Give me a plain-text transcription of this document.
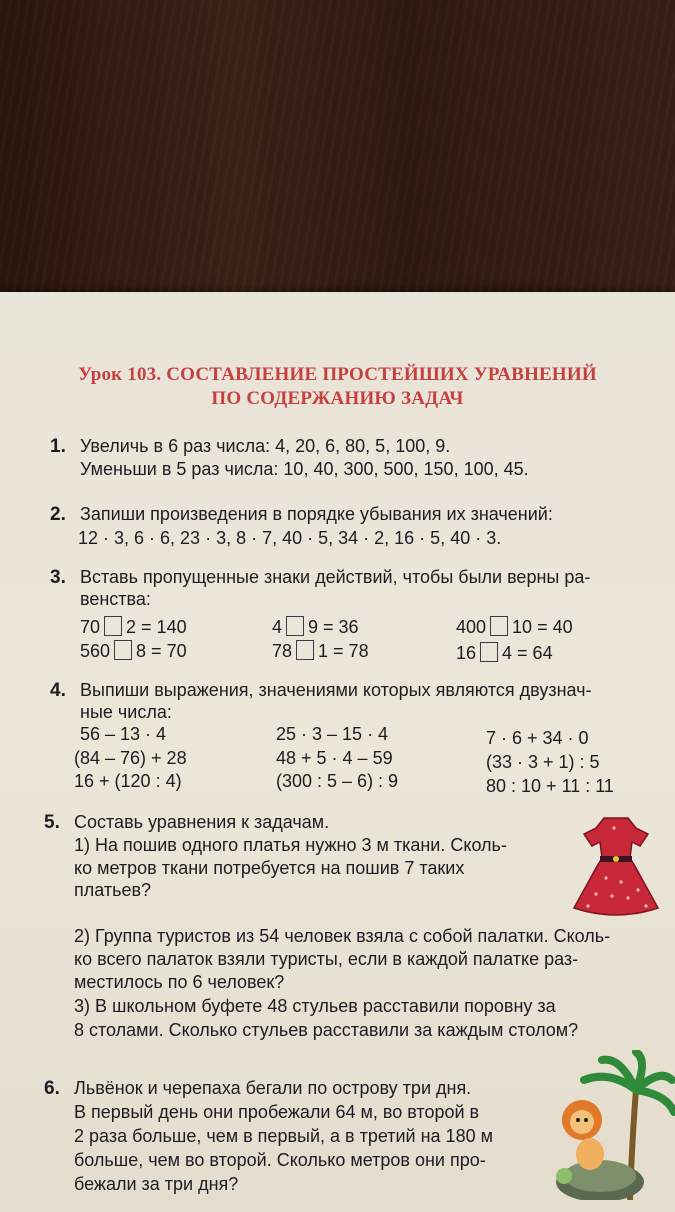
Урок 103. СОСТАВЛЕНИЕ ПРОСТЕЙШИХ УРАВНЕНИЙ
ПО СОДЕРЖАНИЮ ЗАДАЧ
1. Увеличь в 6 раз числа: 4, 20, 6, 80, 5, 100, 9.
Уменьши в 5 раз числа: 10, 40, 300, 500, 150, 100, 45.
2. Запиши произведения в порядке убывания их значений:
12 · 3, 6 · 6, 23 · 3, 8 · 7, 40 · 5, 34 · 2, 16 · 5, 40 · 3.
3. Вставь пропущенные знаки действий, чтобы были верны ра-
венства:
70 2 = 140	4 9 = 36	400 10 = 40
560 8 = 70	78 1 = 78	16 4 = 64
4. Выпиши выражения, значениями которых являются двузнач-
ные числа:
56 – 13 · 4	25 · 3 – 15 · 4	7 · 6 + 34 · 0
(84 – 76) + 28	48 + 5 · 4 – 59	(33 · 3 + 1) : 5
16 + (120 : 4)	(300 : 5 – 6) : 9	80 : 10 + 11 : 11
5. Составь уравнения к задачам.
1) На пошив одного платья нужно 3 м ткани. Сколь-
ко метров ткани потребуется на пошив 7 таких
платьев?
2) Группа туристов из 54 человек взяла с собой палатки. Сколь-
ко всего палаток взяли туристы, если в каждой палатке раз-
местилось по 6 человек?
3) В школьном буфете 48 стульев расставили поровну за
8 столами. Сколько стульев расставили за каждым столом?
6. Львёнок и черепаха бегали по острову три дня.
В первый день они пробежали 64 м, во второй в
2 раза больше, чем в первый, а в третий на 180 м
больше, чем во второй. Сколько метров они про-
бежали за три дня?
